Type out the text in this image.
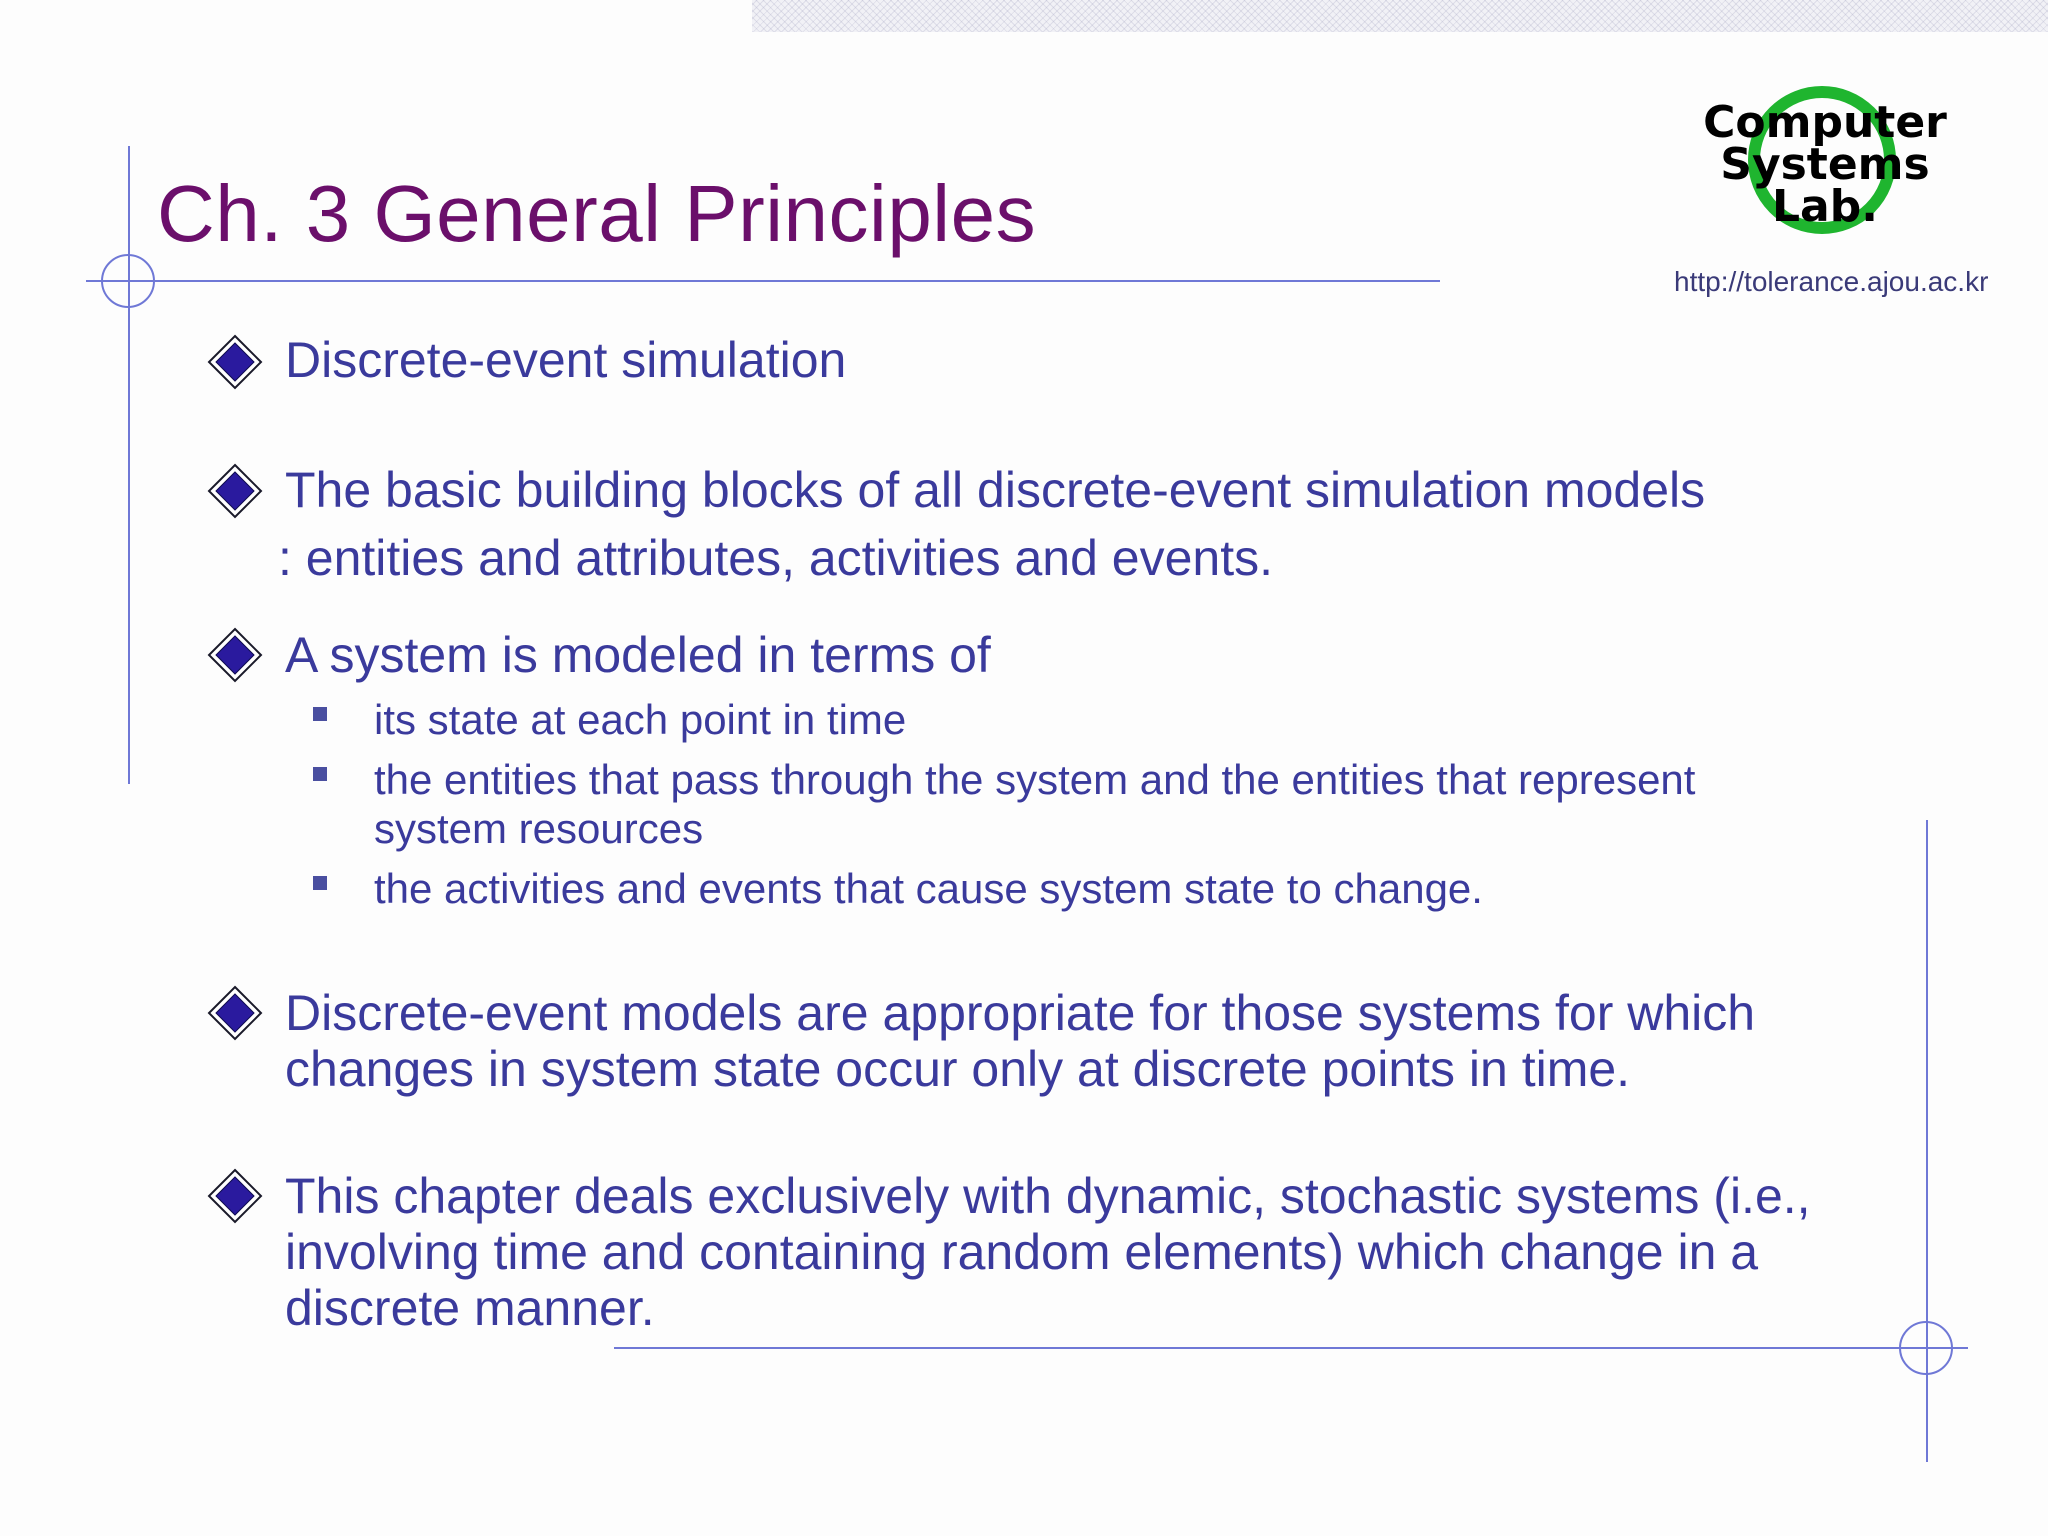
Ch. 3 General Principles
Computer
Systems
Lab.
http://tolerance.ajou.ac.kr

Discrete-event simulation

The basic building blocks of all discrete-event simulation models

: entities and attributes, activities and events.

A system is modeled in terms of

its state at each point in time

the entities that pass through the system and the entities that represent

system resources

the activities and events that cause system state to change.

Discrete-event models are appropriate for those systems for which

changes in system state occur only at discrete points in time.

This chapter deals exclusively with dynamic, stochastic systems (i.e.,

involving time and containing random elements) which change in a

discrete manner.
